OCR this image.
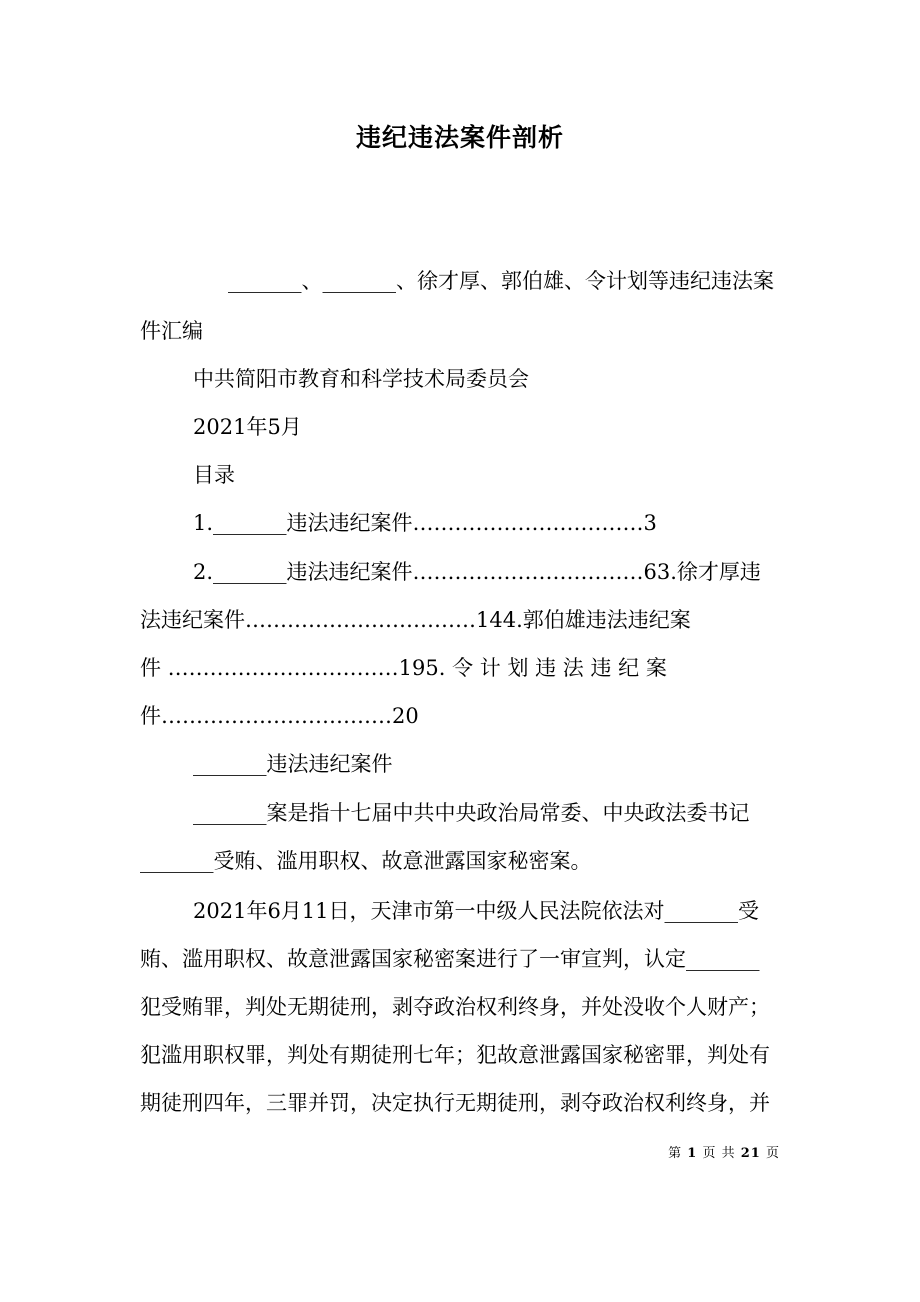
违纪违法案件剖析
_______、_______、徐才厚、郭伯雄、令计划等违纪违法案
件汇编
中共简阳市教育和科学技术局委员会
2021年5月
目录
1._______违法违纪案件……………………………3
2._______违法违纪案件……………………………63.徐才厚违
法违纪案件……………………………144.郭伯雄违法违纪案
件 ……………………………195. 令 计 划 违 法 违 纪 案
件……………………………20
_______违法违纪案件
_______案是指十七届中共中央政治局常委、中央政法委书记
_______受贿、滥用职权、故意泄露国家秘密案。
2021年6月11日，天津市第一中级人民法院依法对_______受
贿、滥用职权、故意泄露国家秘密案进行了一审宣判，认定_______
犯受贿罪，判处无期徒刑，剥夺政治权利终身，并处没收个人财产；
犯滥用职权罪，判处有期徒刑七年；犯故意泄露国家秘密罪，判处有
期徒刑四年，三罪并罚，决定执行无期徒刑，剥夺政治权利终身，并
第 1 页 共 21 页
